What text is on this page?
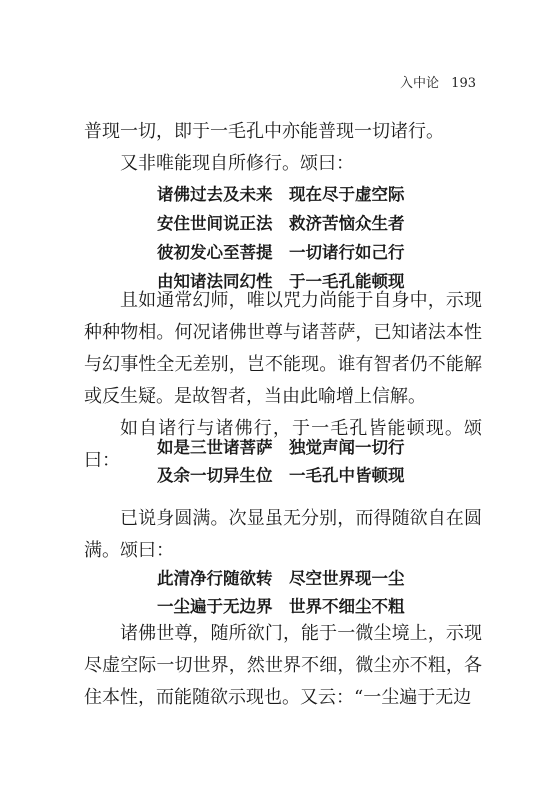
入中论 193

普现一切，即于一毛孔中亦能普现一切诸行。

又非唯能现自所修行。颂曰：

诸佛过去及未来 现在尽于虚空际
安住世间说正法 救济苦恼众生者
彼初发心至菩提 一切诸行如己行
由知诸法同幻性 于一毛孔能顿现

且如通常幻师，唯以咒力尚能于自身中，示现种种物相。何况诸佛世尊与诸菩萨，已知诸法本性与幻事性全无差别，岂不能现。谁有智者仍不能解或反生疑。是故智者，当由此喻增上信解。

如自诸行与诸佛行，于一毛孔皆能顿现。颂曰：

如是三世诸菩萨 独觉声闻一切行
及余一切异生位 一毛孔中皆顿现

已说身圆满。次显虽无分别，而得随欲自在圆满。颂曰：

此清净行随欲转 尽空世界现一尘
一尘遍于无边界 世界不细尘不粗

诸佛世尊，随所欲门，能于一微尘境上，示现尽虚空际一切世界，然世界不细，微尘亦不粗，各住本性，而能随欲示现也。又云：“一尘遍于无边
